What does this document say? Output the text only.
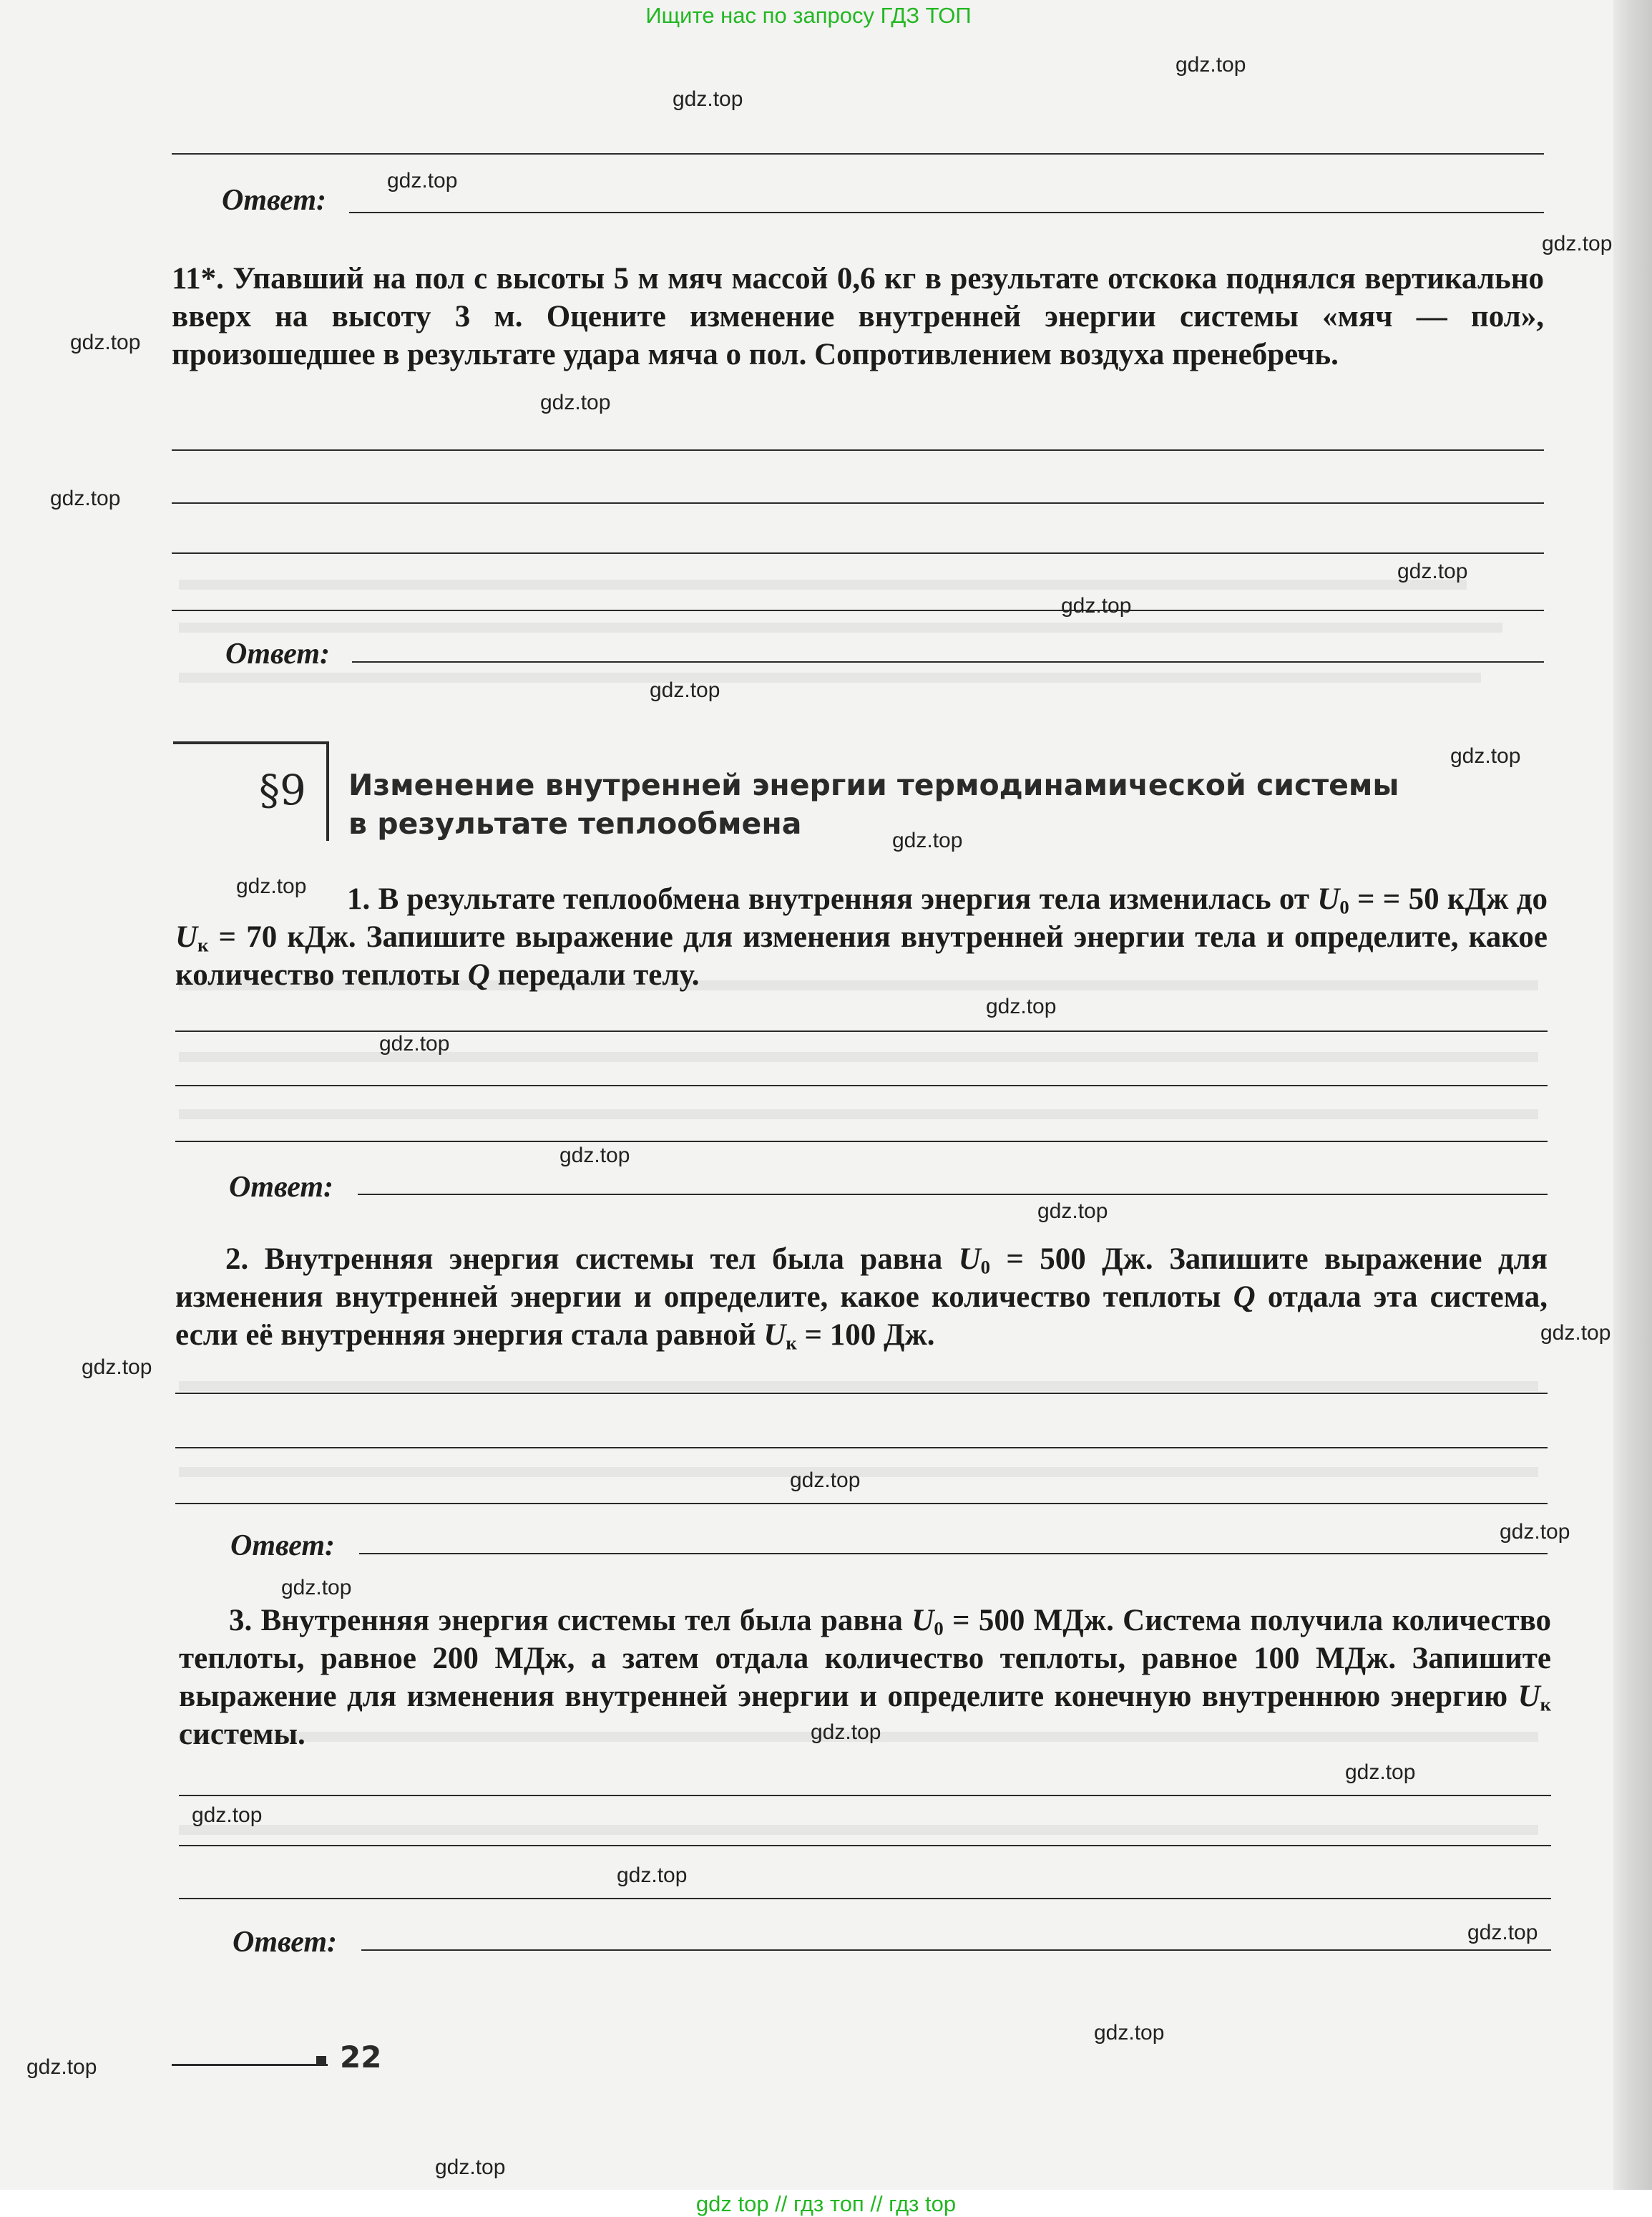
Ищите нас по запросу ГДЗ ТОП
Ответ:
11*. Упавший на пол с высоты 5 м мяч массой 0,6 кг в результате отскока поднялся вертикально вверх на высоту 3 м. Оцените изменение внутренней энергии системы «мяч — пол», произошедшее в результате удара мяча о пол. Сопротивлением воздуха пренебречь.
Ответ:
§9 Изменение внутренней энергии термодинамической системы
в результате теплообмена
1. В результате теплообмена внутренняя энергия тела изменилась от $U_0$ = = 50 кДж до $U_к = 70$ кДж. Запишите выражение для изменения внутренней энергии тела и определите, какое количество теплоты Q передали телу.
Ответ:
2. Внутренняя энергия системы тел была равна $U_0 = 500$ Дж. Запишите выражение для изменения внутренней энергии и определите, какое количество теплоты Q отдала эта система, если её внутренняя энергия стала равной $U_к = 100$ Дж.
Ответ:
3. Внутренняя энергия системы тел была равна $U_0 = 500$ МДж. Система получила количество теплоты, равное 200 МДж, а затем отдала количество теплоты, равное 100 МДж. Запишите выражение для изменения внутренней энергии и определите конечную внутреннюю энергию $U_к$ системы.
Ответ:
22
gdz.top
gdz.top
gdz.top
gdz.top
gdz.top
gdz.top
gdz.top
gdz.top
gdz.top
gdz.top
gdz.top
gdz.top
gdz.top
gdz.top
gdz.top
gdz.top
gdz.top
gdz.top
gdz.top
gdz.top
gdz.top
gdz.top
gdz.top
gdz.top
gdz.top
gdz.top
gdz.top
gdz.top
gdz.top
gdz.top
gdz top // гдз топ // гдз top
